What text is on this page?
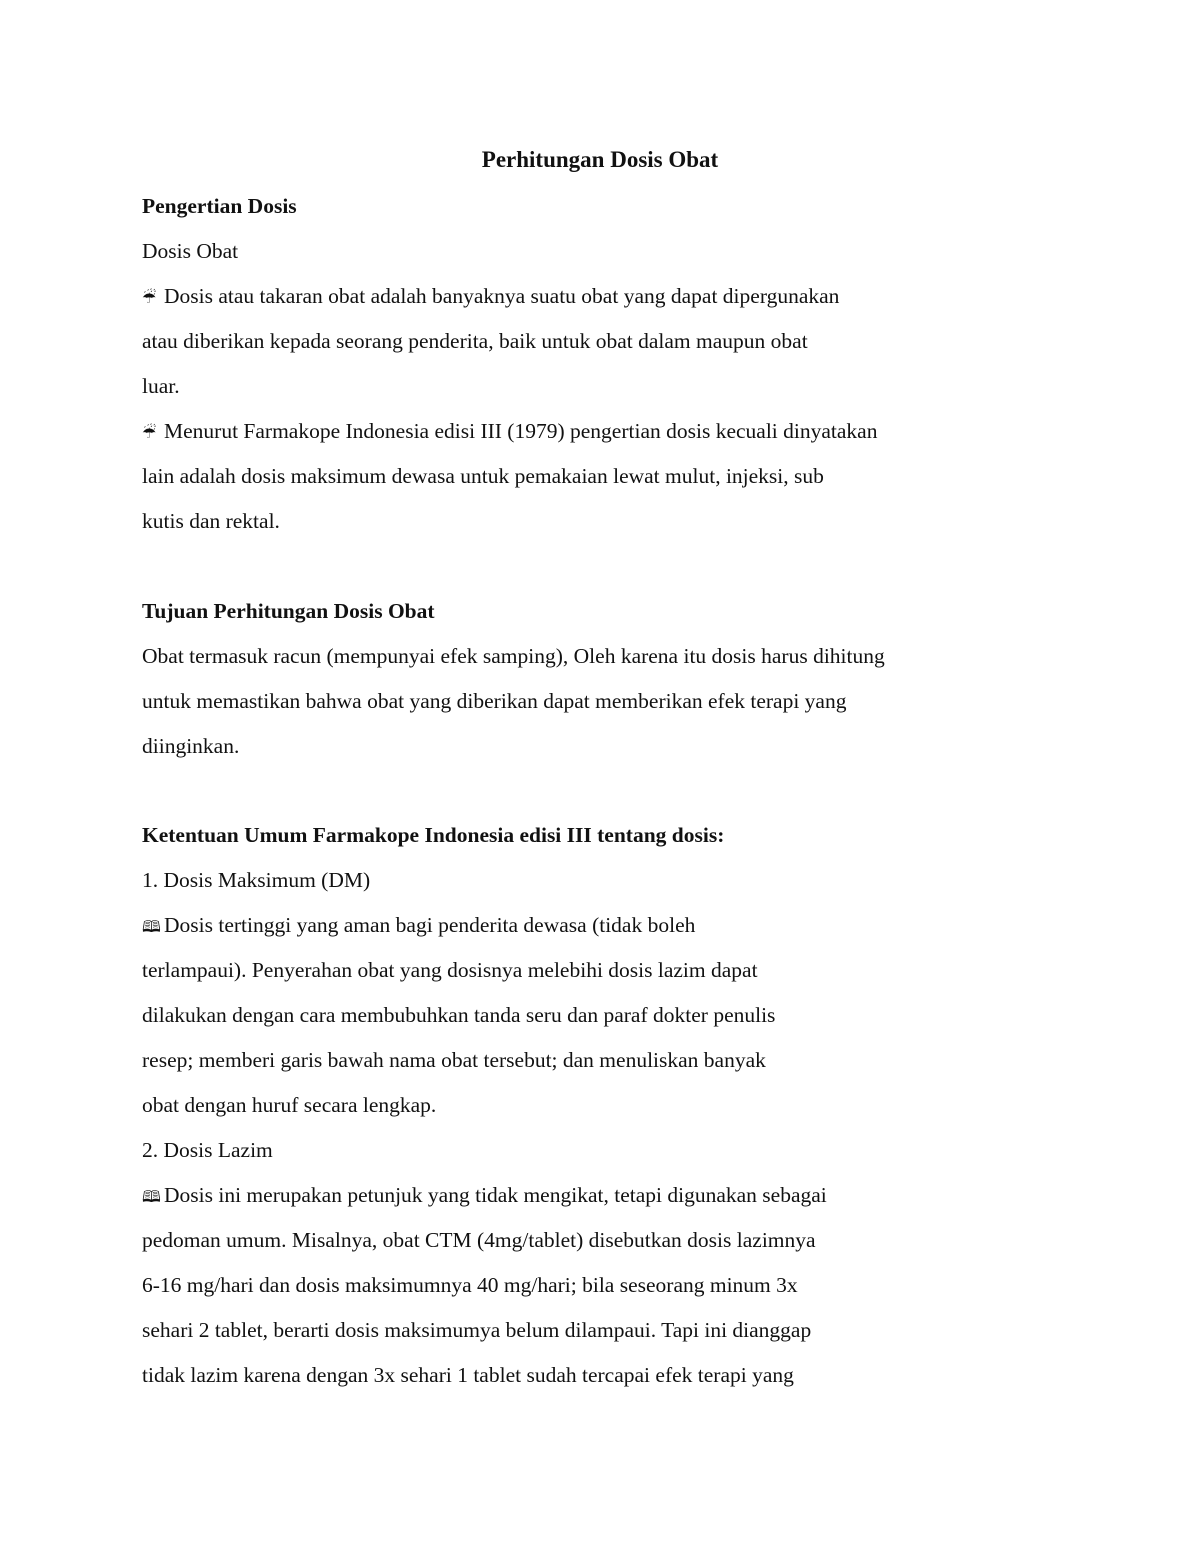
Perhitungan Dosis Obat

Pengertian Dosis

Dosis Obat

☔ Dosis atau takaran obat adalah banyaknya suatu obat yang dapat dipergunakan

atau diberikan kepada seorang penderita, baik untuk obat dalam maupun obat

luar.

☔ Menurut Farmakope Indonesia edisi III (1979) pengertian dosis kecuali dinyatakan

lain adalah dosis maksimum dewasa untuk pemakaian lewat mulut, injeksi, sub

kutis dan rektal.

Tujuan Perhitungan Dosis Obat

Obat termasuk racun (mempunyai efek samping), Oleh karena itu dosis harus dihitung

untuk memastikan bahwa obat yang diberikan dapat memberikan efek terapi yang

diinginkan.

Ketentuan Umum Farmakope Indonesia edisi III tentang dosis:

1. Dosis Maksimum (DM)

🕮 Dosis tertinggi yang aman bagi penderita dewasa (tidak boleh

terlampaui). Penyerahan obat yang dosisnya melebihi dosis lazim dapat

dilakukan dengan cara membubuhkan tanda seru dan paraf dokter penulis

resep; memberi garis bawah nama obat tersebut; dan menuliskan banyak

obat dengan huruf secara lengkap.

2. Dosis Lazim

🕮 Dosis ini merupakan petunjuk yang tidak mengikat, tetapi digunakan sebagai

pedoman umum. Misalnya, obat CTM (4mg/tablet) disebutkan dosis lazimnya

6-16 mg/hari dan dosis maksimumnya 40 mg/hari; bila seseorang minum 3x

sehari 2 tablet, berarti dosis maksimumya belum dilampaui. Tapi ini dianggap

tidak lazim karena dengan 3x sehari 1 tablet sudah tercapai efek terapi yang
